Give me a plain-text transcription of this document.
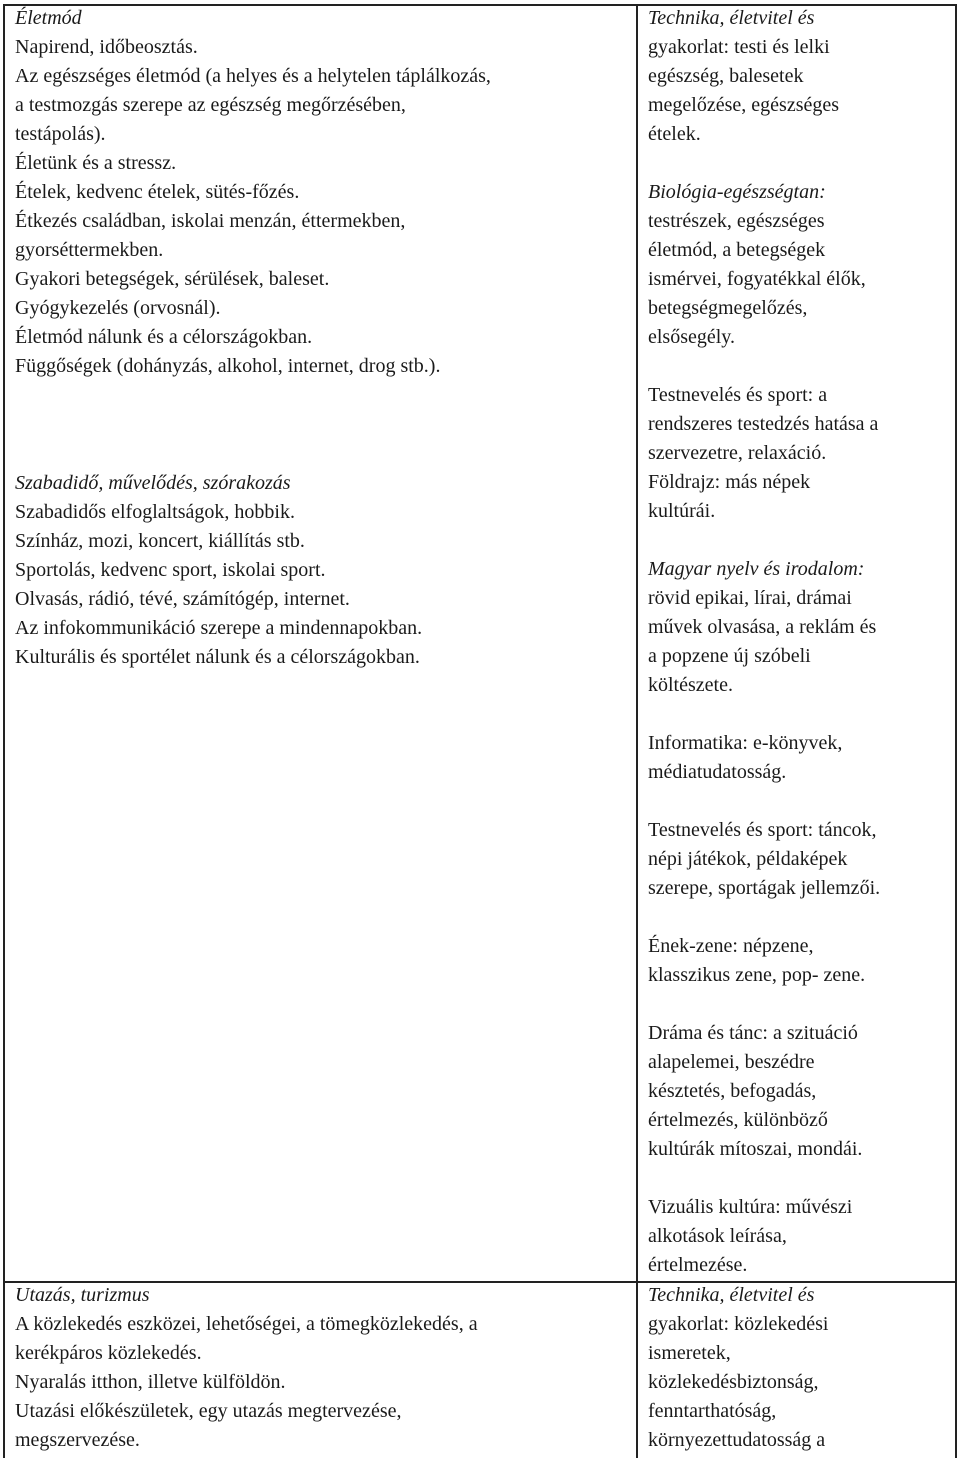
Életmód
Napirend, időbeosztás.
Az egészséges életmód (a helyes és a helytelen táplálkozás,
a testmozgás szerepe az egészség megőrzésében,
testápolás).
Életünk és a stressz.
Ételek, kedvenc ételek, sütés-főzés.
Étkezés családban, iskolai menzán, éttermekben,
gyorséttermekben.
Gyakori betegségek, sérülések, baleset.
Gyógykezelés (orvosnál).
Életmód nálunk és a célországokban.
Függőségek (dohányzás, alkohol, internet, drog stb.).
Szabadidő, művelődés, szórakozás
Szabadidős elfoglaltságok, hobbik.
Színház, mozi, koncert, kiállítás stb.
Sportolás, kedvenc sport, iskolai sport.
Olvasás, rádió, tévé, számítógép, internet.
Az infokommunikáció szerepe a mindennapokban.
Kulturális és sportélet nálunk és a célországokban.
Utazás, turizmus
A közlekedés eszközei, lehetőségei, a tömegközlekedés, a
kerékpáros közlekedés.
Nyaralás itthon, illetve külföldön.
Utazási előkészületek, egy utazás megtervezése,
megszervezése.
Technika, életvitel és
gyakorlat: testi és lelki
egészség, balesetek
megelőzése, egészséges
ételek.
Biológia-egészségtan:
testrészek, egészséges
életmód, a betegségek
ismérvei, fogyatékkal élők,
betegségmegelőzés,
elsősegély.
Testnevelés és sport: a
rendszeres testedzés hatása a
szervezetre, relaxáció.
Földrajz: más népek
kultúrái.
Magyar nyelv és irodalom:
rövid epikai, lírai, drámai
művek olvasása, a reklám és
a popzene új szóbeli
költészete.
Informatika: e-könyvek,
médiatudatosság.
Testnevelés és sport: táncok,
népi játékok, példaképek
szerepe, sportágak jellemzői.
Ének-zene: népzene,
klasszikus zene, pop- zene.
Dráma és tánc: a szituáció
alapelemei, beszédre
késztetés, befogadás,
értelmezés, különböző
kultúrák mítoszai, mondái.
Vizuális kultúra: művészi
alkotások leírása,
értelmezése.
Technika, életvitel és
gyakorlat: közlekedési
ismeretek,
közlekedésbiztonság,
fenntarthatóság,
környezettudatosság a
